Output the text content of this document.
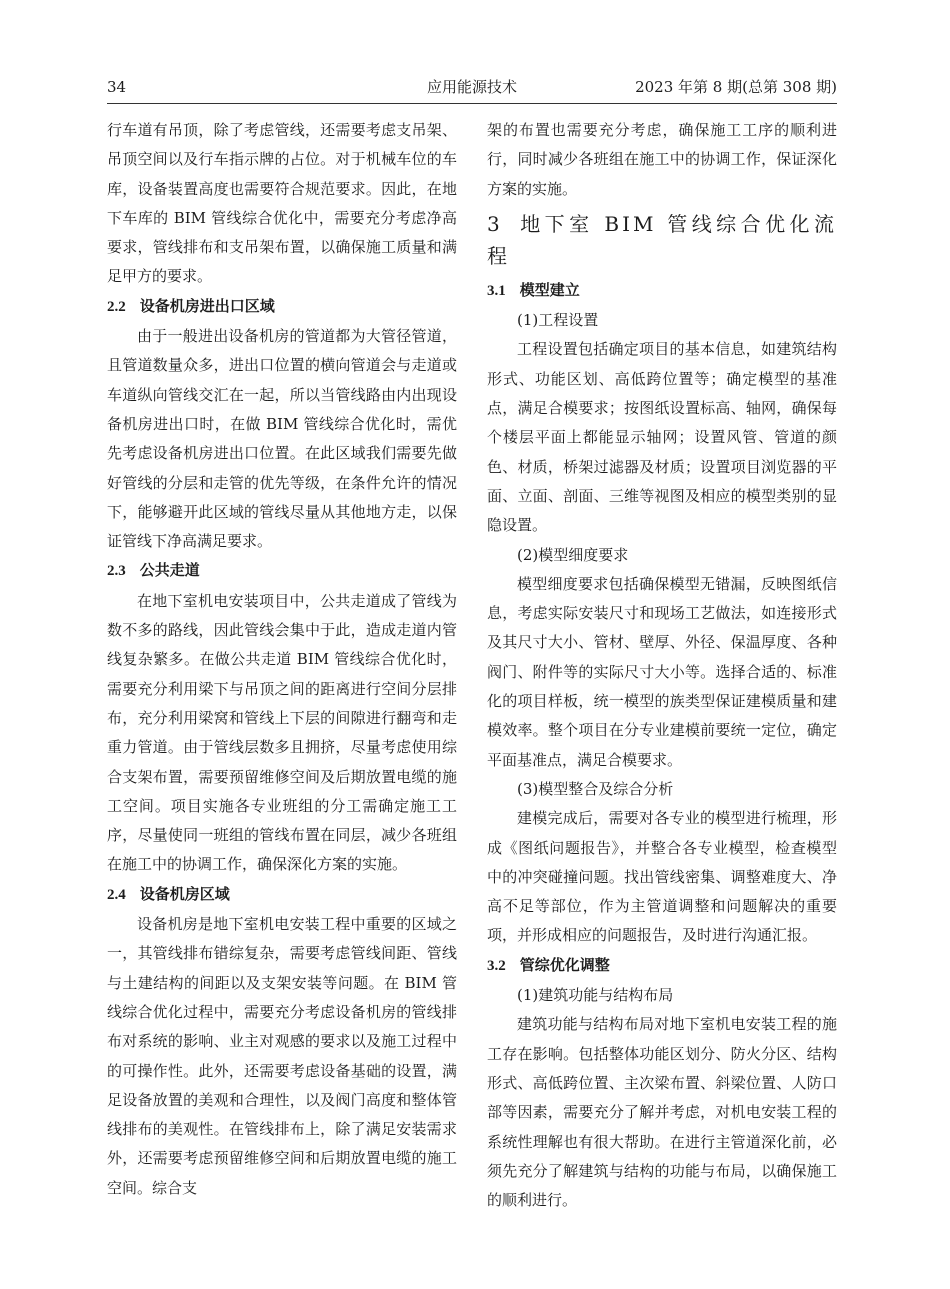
34	应用能源技术	2023 年第 8 期(总第 308 期)

行车道有吊顶，除了考虑管线，还需要考虑支吊架、吊顶空间以及行车指示牌的占位。对于机械车位的车库，设备装置高度也需要符合规范要求。因此，在地下车库的 BIM 管线综合优化中，需要充分考虑净高要求，管线排布和支吊架布置，以确保施工质量和满足甲方的要求。

2.2 设备机房进出口区域

由于一般进出设备机房的管道都为大管径管道，且管道数量众多，进出口位置的横向管道会与走道或车道纵向管线交汇在一起，所以当管线路由内出现设备机房进出口时，在做 BIM 管线综合优化时，需优先考虑设备机房进出口位置。在此区域我们需要先做好管线的分层和走管的优先等级，在条件允许的情况下，能够避开此区域的管线尽量从其他地方走，以保证管线下净高满足要求。

2.3 公共走道

在地下室机电安装项目中，公共走道成了管线为数不多的路线，因此管线会集中于此，造成走道内管线复杂繁多。在做公共走道 BIM 管线综合优化时，需要充分利用梁下与吊顶之间的距离进行空间分层排布，充分利用梁窝和管线上下层的间隙进行翻弯和走重力管道。由于管线层数多且拥挤，尽量考虑使用综合支架布置，需要预留维修空间及后期放置电缆的施工空间。项目实施各专业班组的分工需确定施工工序，尽量使同一班组的管线布置在同层，减少各班组在施工中的协调工作，确保深化方案的实施。

2.4 设备机房区域

设备机房是地下室机电安装工程中重要的区域之一，其管线排布错综复杂，需要考虑管线间距、管线与土建结构的间距以及支架安装等问题。在 BIM 管线综合优化过程中，需要充分考虑设备机房的管线排布对系统的影响、业主对观感的要求以及施工过程中的可操作性。此外，还需要考虑设备基础的设置，满足设备放置的美观和合理性，以及阀门高度和整体管线排布的美观性。在管线排布上，除了满足安装需求外，还需要考虑预留维修空间和后期放置电缆的施工空间。综合支

架的布置也需要充分考虑，确保施工工序的顺利进行，同时减少各班组在施工中的协调工作，保证深化方案的实施。

3 地下室 BIM 管线综合优化流程
3.1 模型建立

(1)工程设置

工程设置包括确定项目的基本信息，如建筑结构形式、功能区划、高低跨位置等；确定模型的基准点，满足合模要求；按图纸设置标高、轴网，确保每个楼层平面上都能显示轴网；设置风管、管道的颜色、材质，桥架过滤器及材质；设置项目浏览器的平面、立面、剖面、三维等视图及相应的模型类别的显隐设置。

(2)模型细度要求

模型细度要求包括确保模型无错漏，反映图纸信息，考虑实际安装尺寸和现场工艺做法，如连接形式及其尺寸大小、管材、壁厚、外径、保温厚度、各种阀门、附件等的实际尺寸大小等。选择合适的、标准化的项目样板，统一模型的族类型保证建模质量和建模效率。整个项目在分专业建模前要统一定位，确定平面基准点，满足合模要求。

(3)模型整合及综合分析

建模完成后，需要对各专业的模型进行梳理，形成《图纸问题报告》，并整合各专业模型，检查模型中的冲突碰撞问题。找出管线密集、调整难度大、净高不足等部位，作为主管道调整和问题解决的重要项，并形成相应的问题报告，及时进行沟通汇报。

3.2 管综优化调整

(1)建筑功能与结构布局

建筑功能与结构布局对地下室机电安装工程的施工存在影响。包括整体功能区划分、防火分区、结构形式、高低跨位置、主次梁布置、斜梁位置、人防口部等因素，需要充分了解并考虑，对机电安装工程的系统性理解也有很大帮助。在进行主管道深化前，必须先充分了解建筑与结构的功能与布局，以确保施工的顺利进行。
